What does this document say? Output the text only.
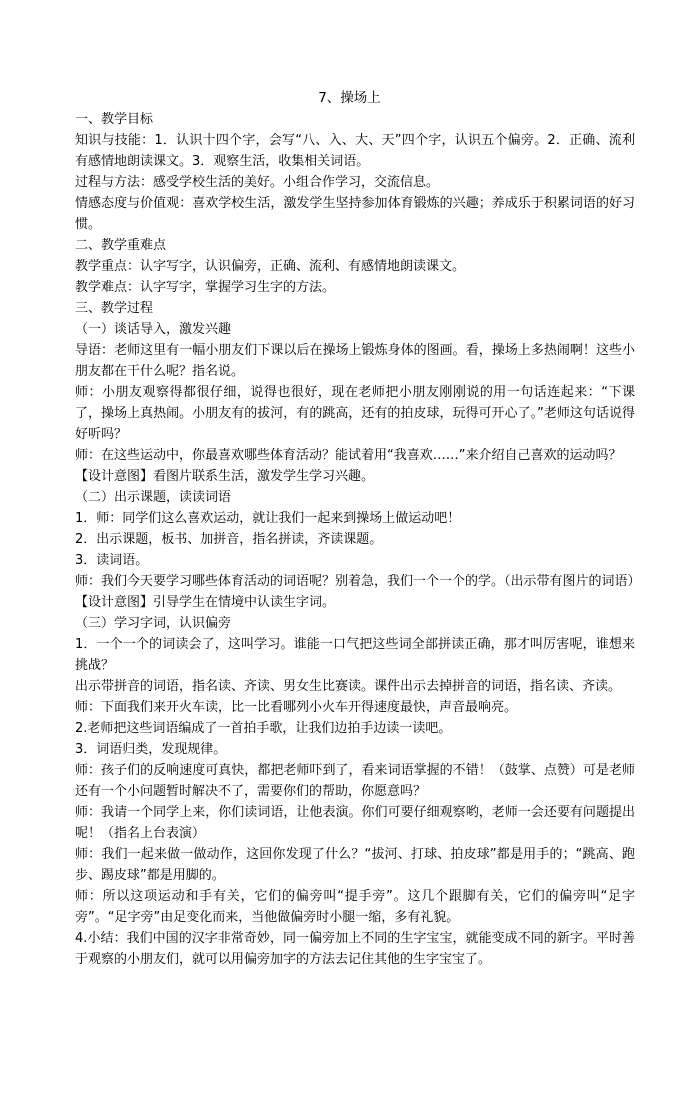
7、操场上

一、教学目标

知识与技能：1．认识十四个字，会写“八、入、大、天”四个字，认识五个偏旁。2．正确、流利有感情地朗读课文。3．观察生活，收集相关词语。

过程与方法：感受学校生活的美好。小组合作学习，交流信息。

情感态度与价值观：喜欢学校生活，激发学生坚持参加体育锻炼的兴趣；养成乐于积累词语的好习惯。

二、教学重难点

教学重点：认字写字，认识偏旁，正确、流利、有感情地朗读课文。

教学难点：认字写字，掌握学习生字的方法。

三、教学过程

（一）谈话导入，激发兴趣

导语：老师这里有一幅小朋友们下课以后在操场上锻炼身体的图画。看，操场上多热闹啊！这些小朋友都在干什么呢？指名说。

师：小朋友观察得都很仔细，说得也很好，现在老师把小朋友刚刚说的用一句话连起来：“下课了，操场上真热闹。小朋友有的拔河，有的跳高，还有的拍皮球，玩得可开心了。”老师这句话说得好听吗？

师：在这些运动中，你最喜欢哪些体育活动？能试着用“我喜欢……”来介绍自己喜欢的运动吗？

【设计意图】看图片联系生活，激发学生学习兴趣。

（二）出示课题，读读词语

1．师：同学们这么喜欢运动，就让我们一起来到操场上做运动吧！

2．出示课题，板书、加拼音，指名拼读，齐读课题。

3．读词语。

师：我们今天要学习哪些体育活动的词语呢？别着急，我们一个一个的学。（出示带有图片的词语）

【设计意图】引导学生在情境中认读生字词。

（三）学习字词，认识偏旁

1．一个一个的词读会了，这叫学习。谁能一口气把这些词全部拼读正确，那才叫厉害呢，谁想来挑战？

出示带拼音的词语，指名读、齐读、男女生比赛读。课件出示去掉拼音的词语，指名读、齐读。

师：下面我们来开火车读，比一比看哪列小火车开得速度最快，声音最响亮。

2.老师把这些词语编成了一首拍手歌，让我们边拍手边读一读吧。

3．词语归类，发现规律。

师：孩子们的反响速度可真快，都把老师吓到了，看来词语掌握的不错！（鼓掌、点赞）可是老师还有一个小问题暂时解决不了，需要你们的帮助，你愿意吗？

师：我请一个同学上来，你们读词语，让他表演。你们可要仔细观察哟，老师一会还要有问题提出呢！（指名上台表演）

师：我们一起来做一做动作，这回你发现了什么？“拔河、打球、拍皮球”都是用手的；“跳高、跑步、踢皮球”都是用脚的。

师：所以这项运动和手有关，它们的偏旁叫“提手旁”。这几个跟脚有关，它们的偏旁叫“足字旁”。“足字旁”由足变化而来，当他做偏旁时小腿一缩，多有礼貌。

4.小结：我们中国的汉字非常奇妙，同一偏旁加上不同的生字宝宝，就能变成不同的新字。平时善于观察的小朋友们，就可以用偏旁加字的方法去记住其他的生字宝宝了。
